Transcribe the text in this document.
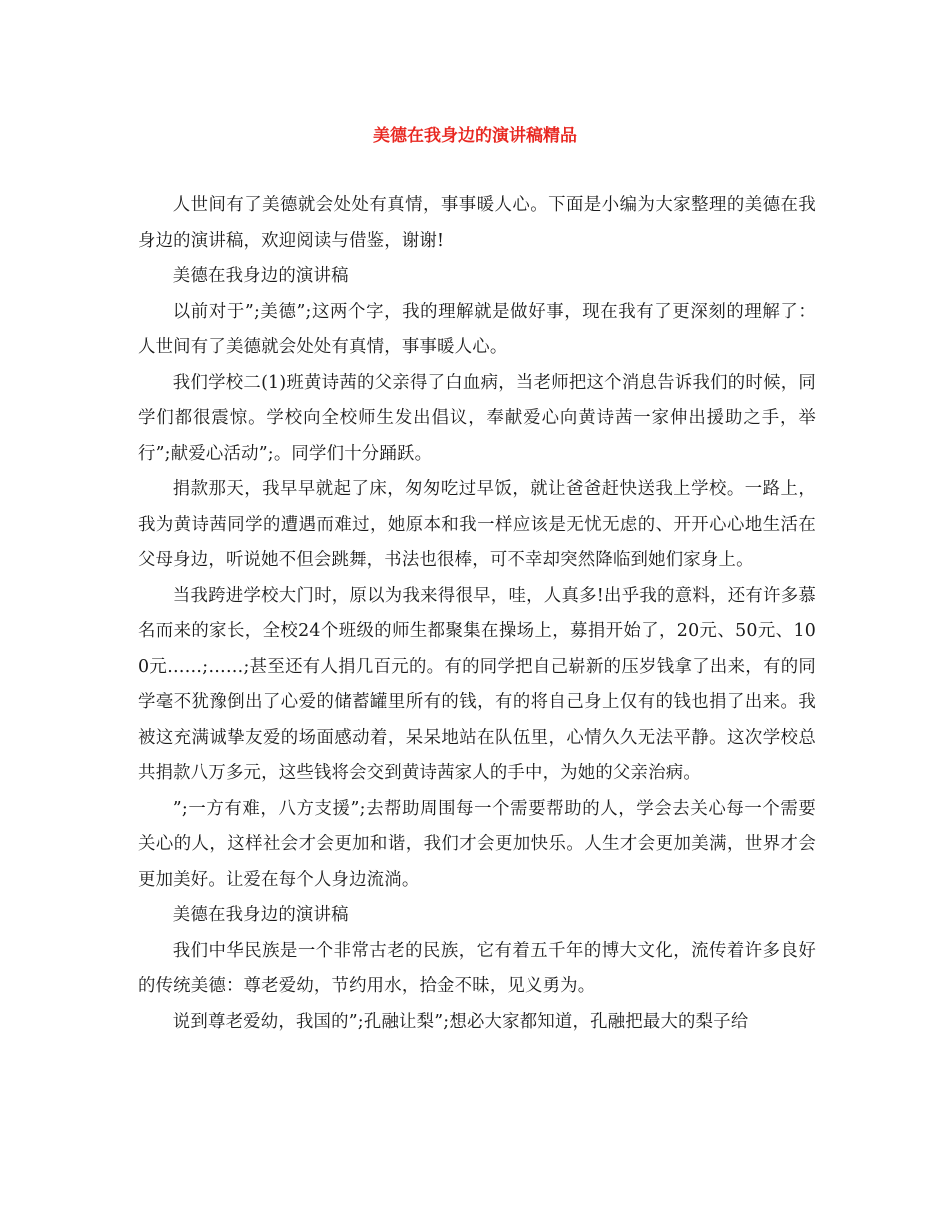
美德在我身边的演讲稿精品

人世间有了美德就会处处有真情，事事暖人心。下面是小编为大家整理的美德在我身边的演讲稿，欢迎阅读与借鉴，谢谢!

美德在我身边的演讲稿

以前对于”;美德”;这两个字，我的理解就是做好事，现在我有了更深刻的理解了：人世间有了美德就会处处有真情，事事暖人心。

我们学校二(1)班黄诗茜的父亲得了白血病，当老师把这个消息告诉我们的时候，同学们都很震惊。学校向全校师生发出倡议，奉献爱心向黄诗茜一家伸出援助之手，举行”;献爱心活动”;。同学们十分踊跃。

捐款那天，我早早就起了床，匆匆吃过早饭，就让爸爸赶快送我上学校。一路上，我为黄诗茜同学的遭遇而难过，她原本和我一样应该是无忧无虑的、开开心心地生活在父母身边，听说她不但会跳舞，书法也很棒，可不幸却突然降临到她们家身上。

当我跨进学校大门时，原以为我来得很早，哇，人真多!出乎我的意料，还有许多慕名而来的家长，全校24个班级的师生都聚集在操场上，募捐开始了，20元、50元、100元……;……;甚至还有人捐几百元的。有的同学把自己崭新的压岁钱拿了出来，有的同学毫不犹豫倒出了心爱的储蓄罐里所有的钱，有的将自己身上仅有的钱也捐了出来。我被这充满诚挚友爱的场面感动着，呆呆地站在队伍里，心情久久无法平静。这次学校总共捐款八万多元，这些钱将会交到黄诗茜家人的手中，为她的父亲治病。

”;一方有难，八方支援”;去帮助周围每一个需要帮助的人，学会去关心每一个需要关心的人，这样社会才会更加和谐，我们才会更加快乐。人生才会更加美满，世界才会更加美好。让爱在每个人身边流淌。

美德在我身边的演讲稿

我们中华民族是一个非常古老的民族，它有着五千年的博大文化，流传着许多良好的传统美德：尊老爱幼，节约用水，拾金不昧，见义勇为。

说到尊老爱幼，我国的”;孔融让梨”;想必大家都知道，孔融把最大的梨子给
